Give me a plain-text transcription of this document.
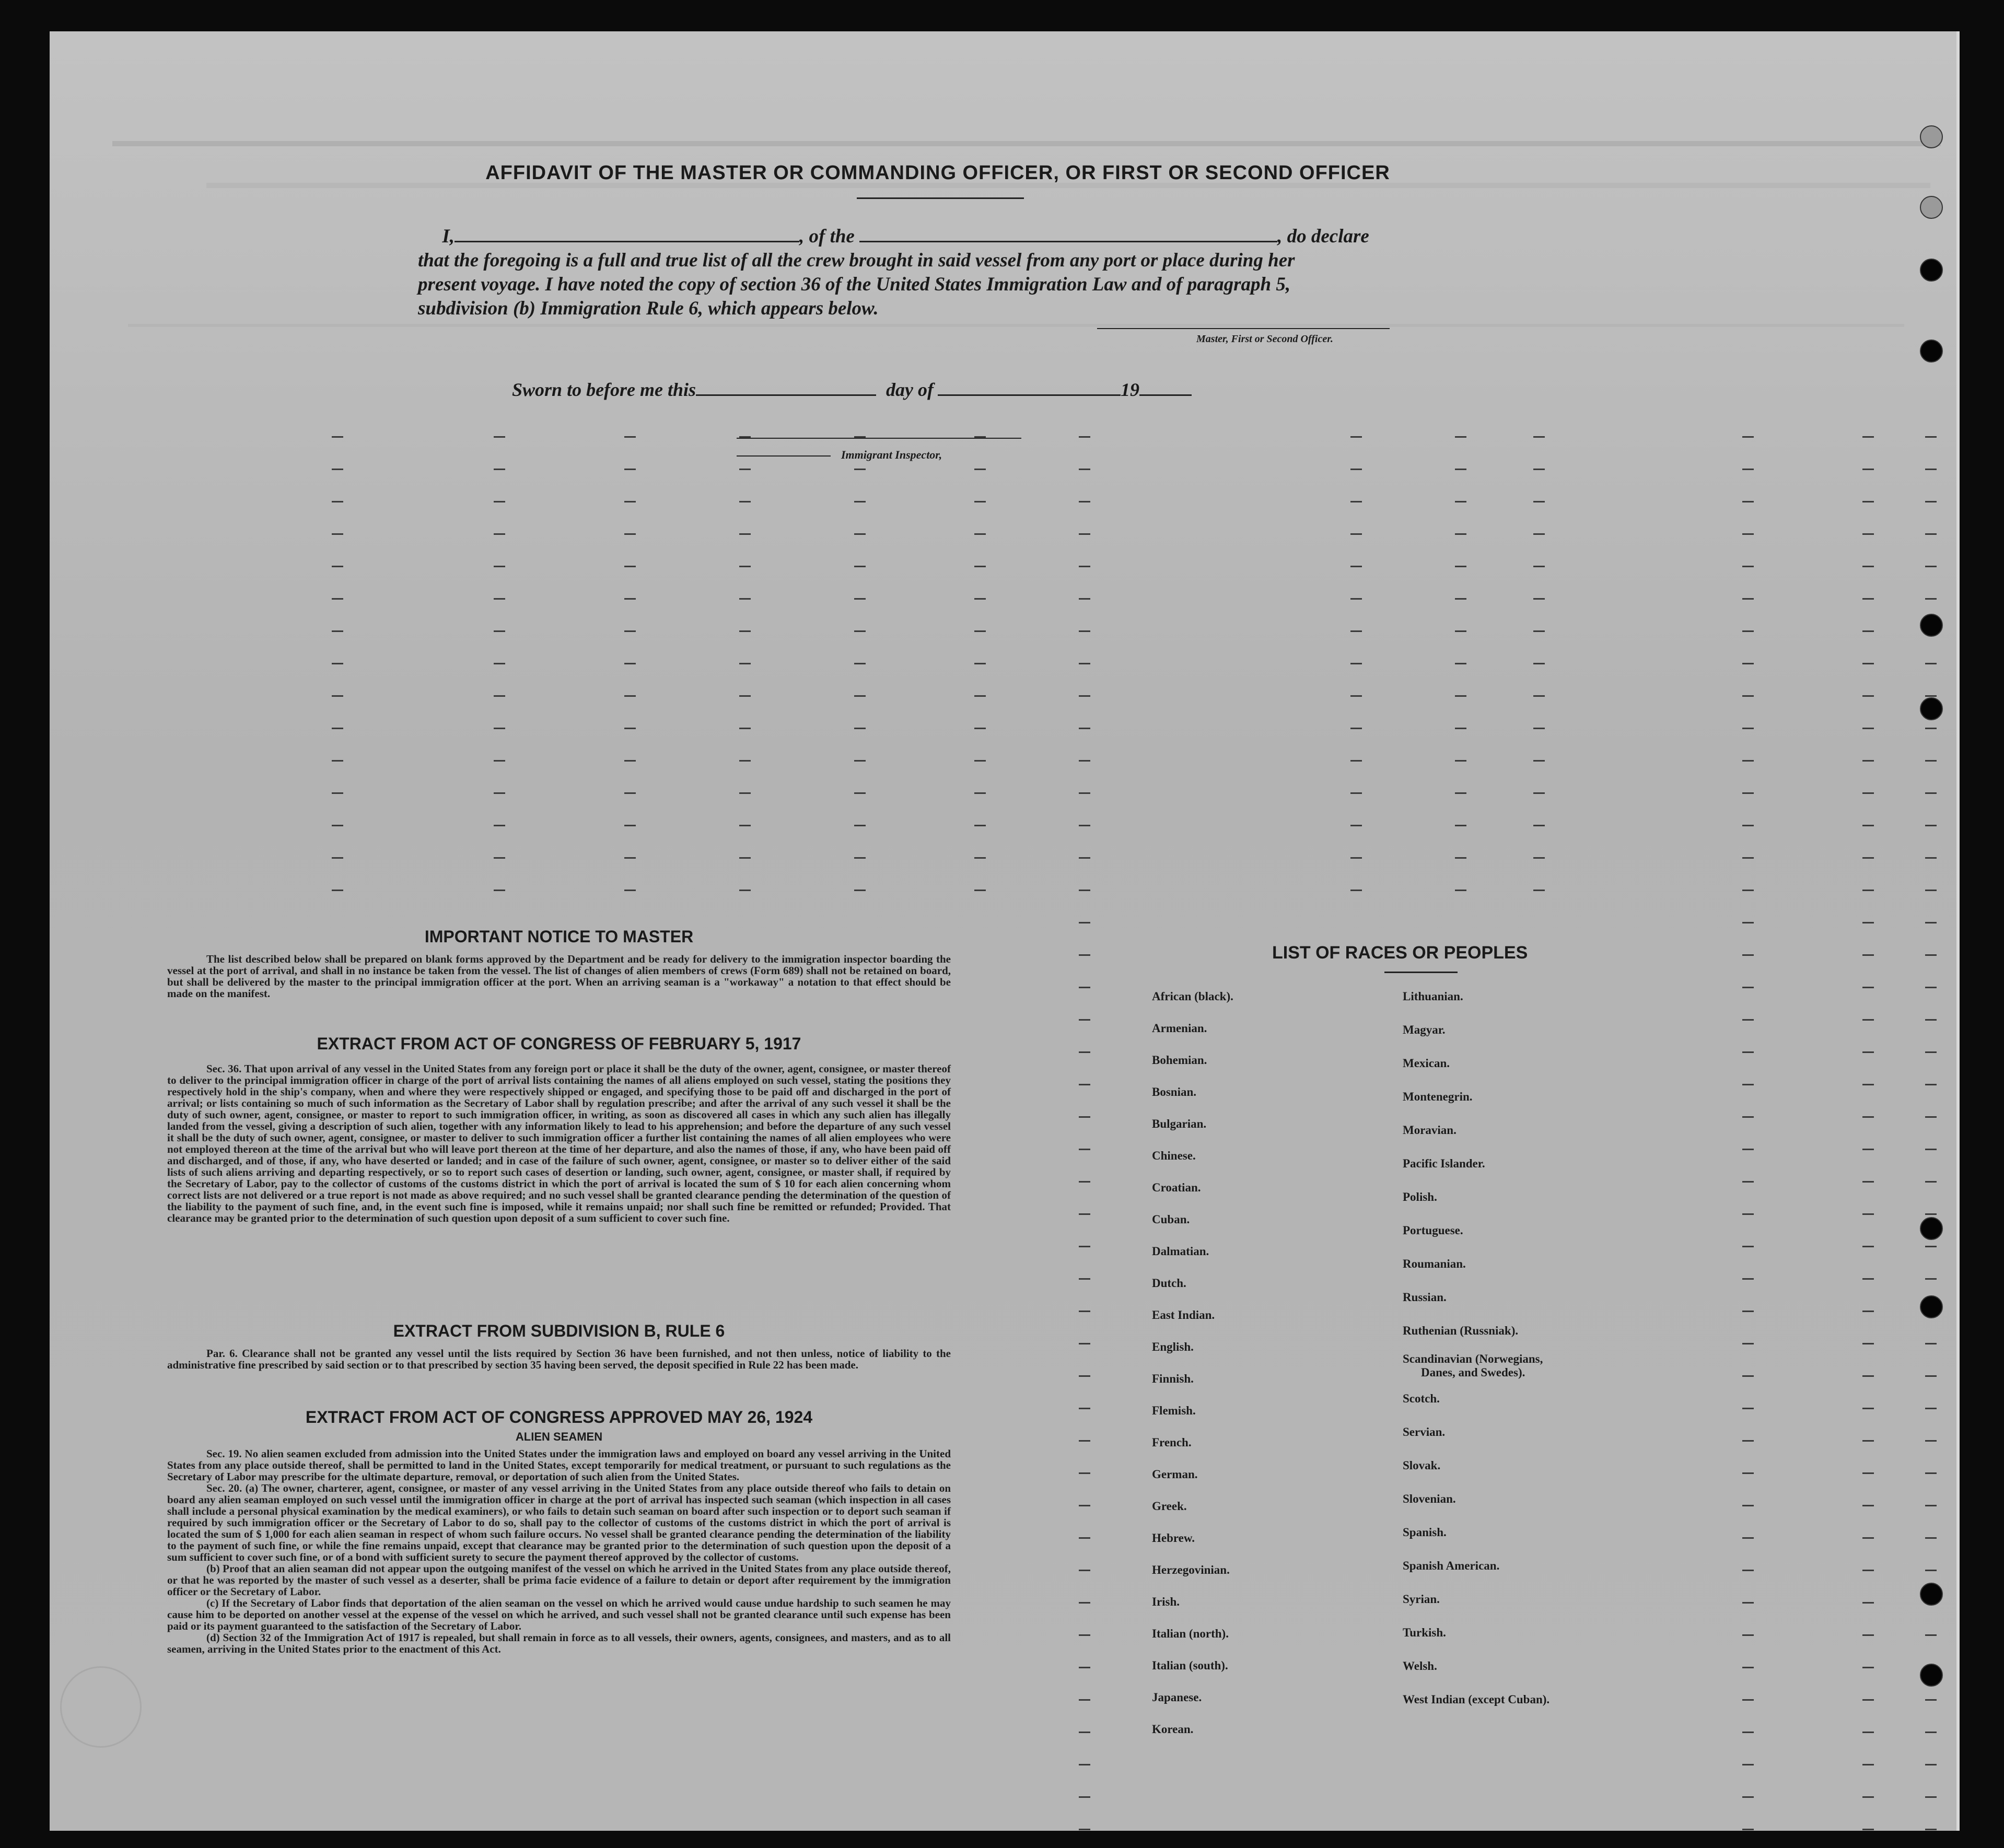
AFFIDAVIT OF THE MASTER OR COMMANDING OFFICER, OR FIRST OR SECOND OFFICER
I,	, of the	, do declare
that the foregoing is a full and true list of all the crew brought in said vessel from any port or place during her
present voyage. I have noted the copy of section 36 of the United States Immigration Law and of paragraph 5,
subdivision (b) Immigration Rule 6, which appears below.
Master, First or Second Officer.
Sworn to before me this	day of	19
Immigrant Inspector,
IMPORTANT NOTICE TO MASTER

The list described below shall be prepared on blank forms approved by the Department and be ready for delivery to the immigration inspector boarding the vessel at the port of arrival, and shall in no instance be taken from the vessel. The list of changes of alien members of crews (Form 689) shall not be retained on board, but shall be delivered by the master to the principal immigration officer at the port. When an arriving seaman is a "workaway" a notation to that effect should be made on the manifest.

EXTRACT FROM ACT OF CONGRESS OF FEBRUARY 5, 1917

Sec. 36. That upon arrival of any vessel in the United States from any foreign port or place it shall be the duty of the owner, agent, consignee, or master thereof to deliver to the principal immigration officer in charge of the port of arrival lists containing the names of all aliens employed on such vessel, stating the positions they respectively hold in the ship's company, when and where they were respectively shipped or engaged, and specifying those to be paid off and discharged in the port of arrival; or lists containing so much of such information as the Secretary of Labor shall by regulation prescribe; and after the arrival of any such vessel it shall be the duty of such owner, agent, consignee, or master to report to such immigration officer, in writing, as soon as discovered all cases in which any such alien has illegally landed from the vessel, giving a description of such alien, together with any information likely to lead to his apprehension; and before the departure of any such vessel it shall be the duty of such owner, agent, consignee, or master to deliver to such immigration officer a further list containing the names of all alien employees who were not employed thereon at the time of the arrival but who will leave port thereon at the time of her departure, and also the names of those, if any, who have been paid off and discharged, and of those, if any, who have deserted or landed; and in case of the failure of such owner, agent, consignee, or master so to deliver either of the said lists of such aliens arriving and departing respectively, or so to report such cases of desertion or landing, such owner, agent, consignee, or master shall, if required by the Secretary of Labor, pay to the collector of customs of the customs district in which the port of arrival is located the sum of $ 10 for each alien concerning whom correct lists are not delivered or a true report is not made as above required; and no such vessel shall be granted clearance pending the determination of the question of the liability to the payment of such fine, and, in the event such fine is imposed, while it remains unpaid; nor shall such fine be remitted or refunded; Provided. That clearance may be granted prior to the determination of such question upon deposit of a sum sufficient to cover such fine.

EXTRACT FROM SUBDIVISION B, RULE 6

Par. 6. Clearance shall not be granted any vessel until the lists required by Section 36 have been furnished, and not then unless, notice of liability to the administrative fine prescribed by said section or to that prescribed by section 35 having been served, the deposit specified in Rule 22 has been made.

EXTRACT FROM ACT OF CONGRESS APPROVED MAY 26, 1924
ALIEN SEAMEN

Sec. 19. No alien seamen excluded from admission into the United States under the immigration laws and employed on board any vessel arriving in the United States from any place outside thereof, shall be permitted to land in the United States, except temporarily for medical treatment, or pursuant to such regulations as the Secretary of Labor may prescribe for the ultimate departure, removal, or deportation of such alien from the United States.

Sec. 20. (a) The owner, charterer, agent, consignee, or master of any vessel arriving in the United States from any place outside thereof who fails to detain on board any alien seaman employed on such vessel until the immigration officer in charge at the port of arrival has inspected such seaman (which inspection in all cases shall include a personal physical examination by the medical examiners), or who fails to detain such seaman on board after such inspection or to deport such seaman if required by such immigration officer or the Secretary of Labor to do so, shall pay to the collector of customs of the customs district in which the port of arrival is located the sum of $ 1,000 for each alien seaman in respect of whom such failure occurs. No vessel shall be granted clearance pending the determination of the liability to the payment of such fine, or while the fine remains unpaid, except that clearance may be granted prior to the determination of such question upon the deposit of a sum sufficient to cover such fine, or of a bond with sufficient surety to secure the payment thereof approved by the collector of customs.

(b) Proof that an alien seaman did not appear upon the outgoing manifest of the vessel on which he arrived in the United States from any place outside thereof, or that he was reported by the master of such vessel as a deserter, shall be prima facie evidence of a failure to detain or deport after requirement by the immigration officer or the Secretary of Labor.

(c) If the Secretary of Labor finds that deportation of the alien seaman on the vessel on which he arrived would cause undue hardship to such seamen he may cause him to be deported on another vessel at the expense of the vessel on which he arrived, and such vessel shall not be granted clearance until such expense has been paid or its payment guaranteed to the satisfaction of the Secretary of Labor.

(d) Section 32 of the Immigration Act of 1917 is repealed, but shall remain in force as to all vessels, their owners, agents, consignees, and masters, and as to all seamen, arriving in the United States prior to the enactment of this Act.

LIST OF RACES OR PEOPLES
African (black).
Armenian.
Bohemian.
Bosnian.
Bulgarian.
Chinese.
Croatian.
Cuban.
Dalmatian.
Dutch.
East Indian.
English.
Finnish.
Flemish.
French.
German.
Greek.
Hebrew.
Herzegovinian.
Irish.
Italian (north).
Italian (south).
Japanese.
Korean.
Lithuanian.
Magyar.
Mexican.
Montenegrin.
Moravian.
Pacific Islander.
Polish.
Portuguese.
Roumanian.
Russian.
Ruthenian (Russniak).
Scandinavian (Norwegians,
Danes, and Swedes).
Scotch.
Servian.
Slovak.
Slovenian.
Spanish.
Spanish American.
Syrian.
Turkish.
Welsh.
West Indian (except Cuban).
